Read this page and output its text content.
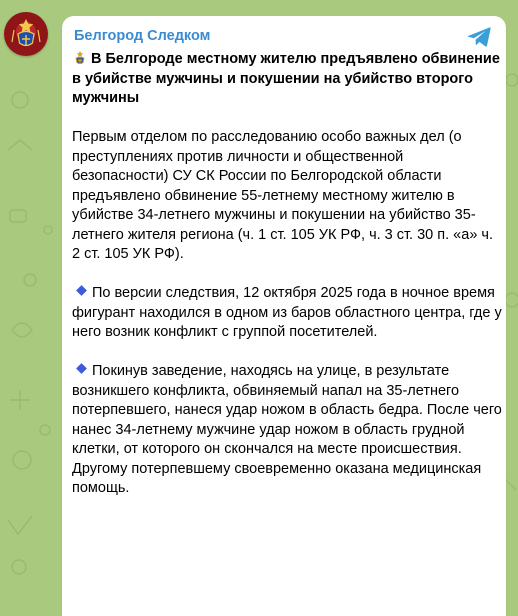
Белгород Следком

В Белгороде местному жителю предъявлено обвинение в убийстве мужчины и покушении на убийство второго мужчины

Первым отделом по расследованию особо важных дел (о преступлениях против личности и общественной безопасности) СУ СК России по Белгородской области предъявлено обвинение 55-летнему местному жителю в убийстве 34-летнего мужчины и покушении на убийство 35-летнего жителя региона (ч. 1 ст. 105 УК РФ, ч. 3 ст. 30 п. «а» ч. 2 ст. 105 УК РФ).

По версии следствия, 12 октября 2025 года в ночное время фигурант находился в одном из баров областного центра, где у него возник конфликт с группой посетителей.

Покинув заведение, находясь на улице, в результате возникшего конфликта, обвиняемый напал на 35-летнего потерпевшего, нанеся удар ножом в область бедра. После чего нанес 34-летнему мужчине удар ножом в область грудной клетки, от которого он скончался на месте происшествия. Другому потерпевшему своевременно оказана медицинская помощь.
